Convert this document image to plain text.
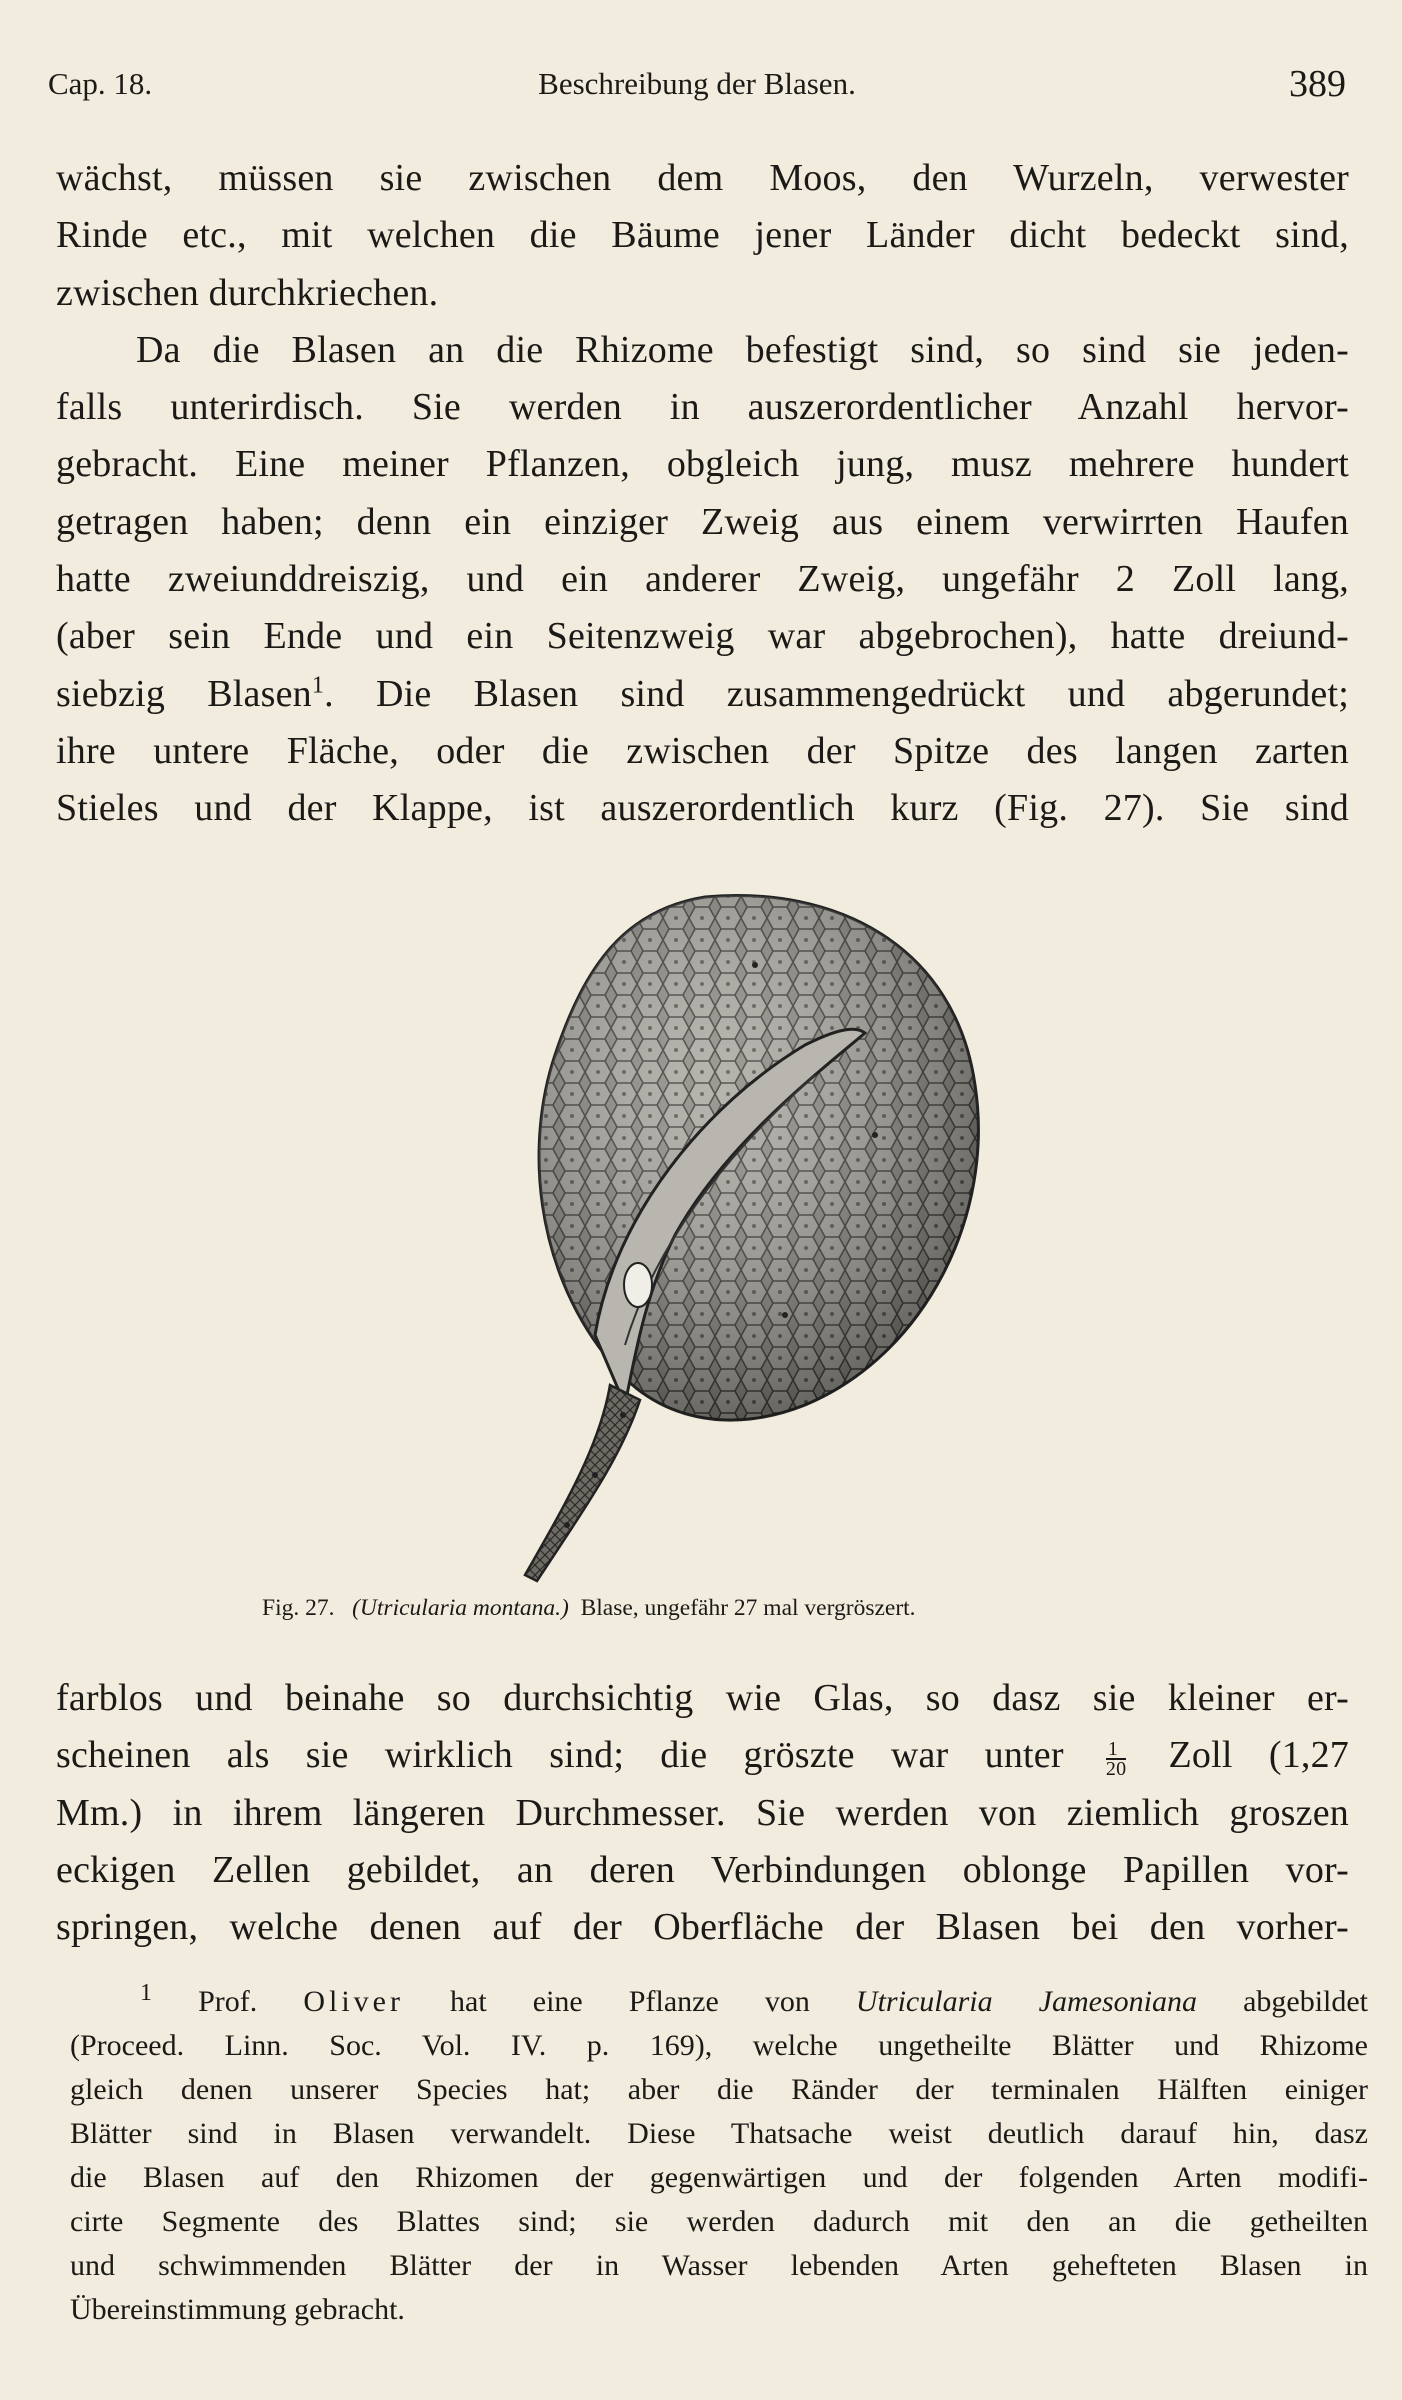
Cap. 18.	Beschreibung der Blasen.	389
wächst, müssen sie zwischen dem Moos, den Wurzeln, verwester
Rinde etc., mit welchen die Bäume jener Länder dicht bedeckt sind,
zwischen durchkriechen.
Da die Blasen an die Rhizome befestigt sind, so sind sie jeden-
falls unterirdisch. Sie werden in auszerordentlicher Anzahl hervor-
gebracht. Eine meiner Pflanzen, obgleich jung, musz mehrere hundert
getragen haben; denn ein einziger Zweig aus einem verwirrten Haufen
hatte zweiunddreiszig, und ein anderer Zweig, ungefähr 2 Zoll lang,
(aber sein Ende und ein Seitenzweig war abgebrochen), hatte dreiund-
siebzig Blasen$^1$. Die Blasen sind zusammengedrückt und abgerundet;
ihre untere Fläche, oder die zwischen der Spitze des langen zarten
Stieles und der Klappe, ist auszerordentlich kurz (Fig. 27). Sie sind
Fig. 27. (Utricularia montana.) Blase, ungefähr 27 mal vergröszert.
farblos und beinahe so durchsichtig wie Glas, so dasz sie kleiner er-
scheinen als sie wirklich sind; die gröszte war unter $\frac{1}{20}$ Zoll (1,27
Mm.) in ihrem längeren Durchmesser. Sie werden von ziemlich groszen
eckigen Zellen gebildet, an deren Verbindungen oblonge Papillen vor-
springen, welche denen auf der Oberfläche der Blasen bei den vorher-
$^1$ Prof. Oliver hat eine Pflanze von Utricularia Jamesoniana abgebildet
(Proceed. Linn. Soc. Vol. IV. p. 169), welche ungetheilte Blätter und Rhizome
gleich denen unserer Species hat; aber die Ränder der terminalen Hälften einiger
Blätter sind in Blasen verwandelt. Diese Thatsache weist deutlich darauf hin, dasz
die Blasen auf den Rhizomen der gegenwärtigen und der folgenden Arten modifi-
cirte Segmente des Blattes sind; sie werden dadurch mit den an die getheilten
und schwimmenden Blätter der in Wasser lebenden Arten gehefteten Blasen in
Übereinstimmung gebracht.
